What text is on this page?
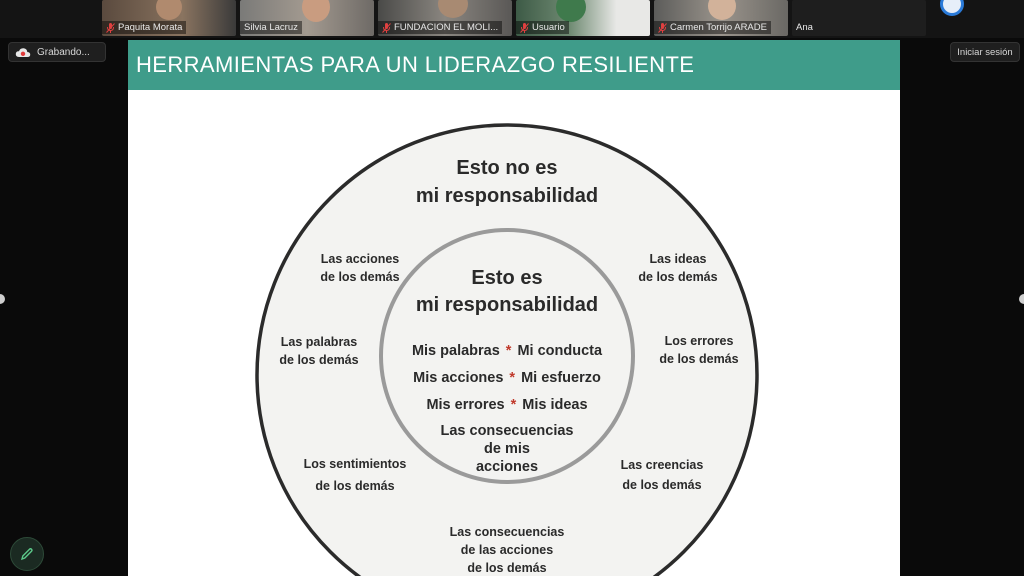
Paquita Morata	Silvia Lacruz	FUNDACION EL MOLI...	Usuario	Carmen Torrijo ARADE	Ana
Grabando...	Iniciar sesión
HERRAMIENTAS PARA UN LIDERAZGO RESILIENTE
Esto no es
mi responsabilidad
Las acciones
de los demás
Las ideas
de los demás
Las palabras
de los demás
Los errores
de los demás
Los sentimientos
de los demás
Las creencias
de los demás
Las consecuencias
de las acciones
de los demás
Esto es
mi responsabilidad
Mis palabras * Mi conducta
Mis acciones * Mi esfuerzo
Mis errores * Mis ideas
Las consecuencias
de mis
acciones
